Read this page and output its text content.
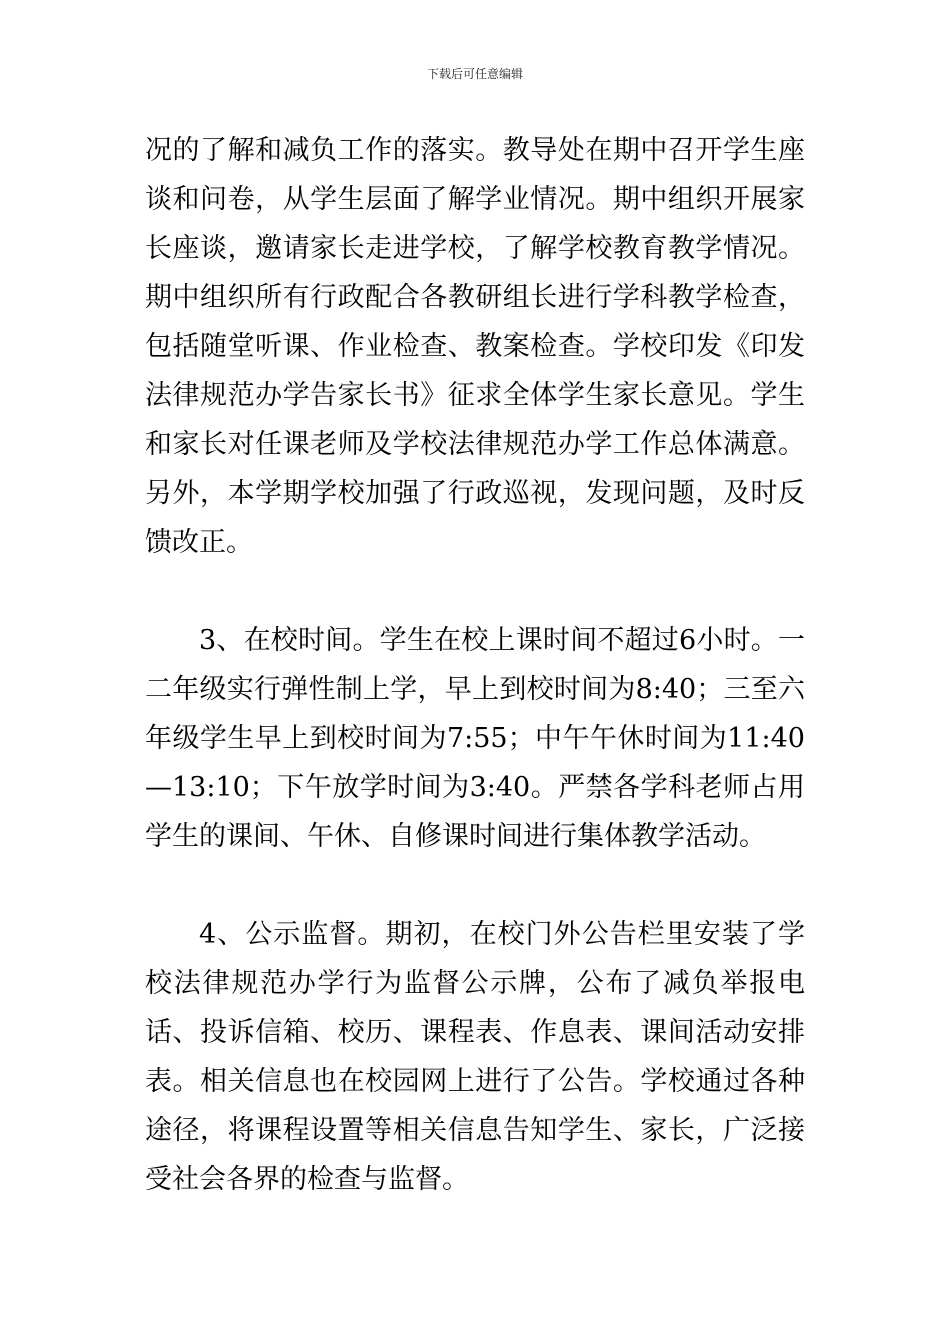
下载后可任意编辑

况的了解和减负工作的落实。教导处在期中召开学生座谈和问卷，从学生层面了解学业情况。期中组织开展家长座谈，邀请家长走进学校，了解学校教育教学情况。期中组织所有行政配合各教研组长进行学科教学检查，包括随堂听课、作业检查、教案检查。学校印发《印发法律规范办学告家长书》征求全体学生家长意见。学生和家长对任课老师及学校法律规范办学工作总体满意。另外，本学期学校加强了行政巡视，发现问题，及时反馈改正。

3、在校时间。学生在校上课时间不超过6小时。一二年级实行弹性制上学，早上到校时间为8:40；三至六年级学生早上到校时间为7:55；中午午休时间为11:40—13:10；下午放学时间为3:40。严禁各学科老师占用学生的课间、午休、自修课时间进行集体教学活动。

4、公示监督。期初，在校门外公告栏里安装了学校法律规范办学行为监督公示牌，公布了减负举报电话、投诉信箱、校历、课程表、作息表、课间活动安排表。相关信息也在校园网上进行了公告。学校通过各种途径，将课程设置等相关信息告知学生、家长，广泛接受社会各界的检查与监督。
